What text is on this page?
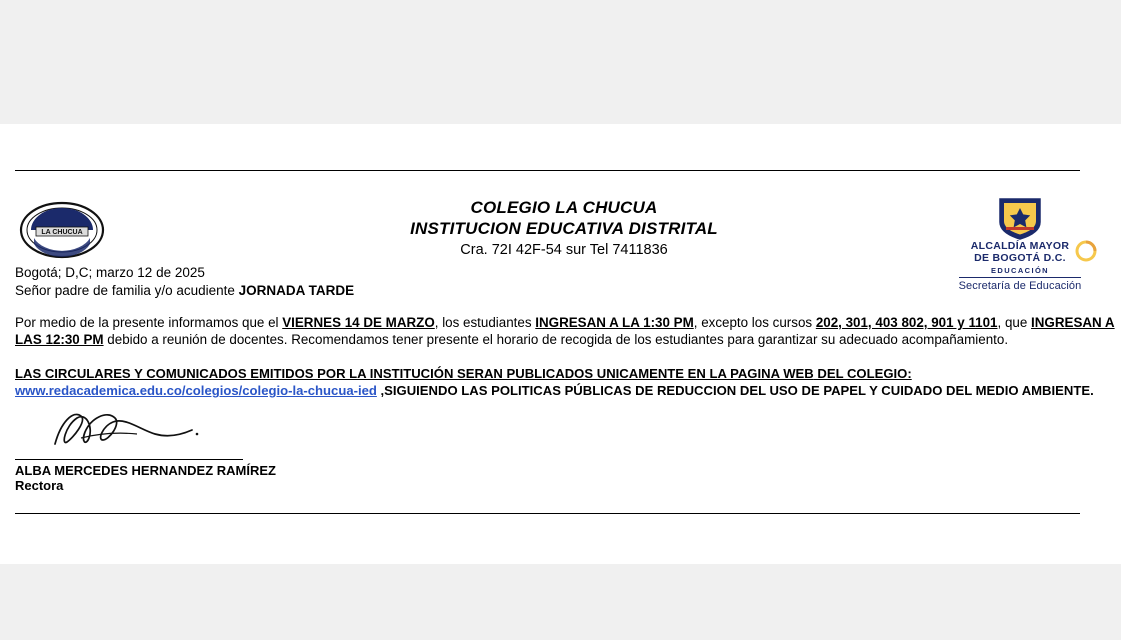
LA CHUCUA
I.E.D.
COLEGIO LA CHUCUA
INSTITUCION EDUCATIVA DISTRITAL
Cra. 72I 42F-54 sur Tel 7411836	ALCALDÍA MAYOR
DE BOGOTÁ D.C.
EDUCACIÓN
Secretaría de Educación
Bogotá; D,C; marzo 12 de 2025
Señor padre de familia y/o acudiente JORNADA TARDE
Por medio de la presente informamos que el VIERNES 14 DE MARZO, los estudiantes INGRESAN A LA 1:30 PM, excepto los cursos 202, 301, 403 802, 901 y 1101, que INGRESAN A LAS 12:30 PM debido a reunión de docentes. Recomendamos tener presente el horario de recogida de los estudiantes para garantizar su adecuado acompañamiento.
LAS CIRCULARES Y COMUNICADOS EMITIDOS POR LA INSTITUCIÓN SERAN PUBLICADOS UNICAMENTE EN LA PAGINA WEB DEL COLEGIO: www.redacademica.edu.co/colegios/colegio-la-chucua-ied ,SIGUIENDO LAS POLITICAS PÚBLICAS DE REDUCCION DEL USO DE PAPEL Y CUIDADO DEL MEDIO AMBIENTE.
ALBA MERCEDES HERNANDEZ RAMÍREZ
Rectora
